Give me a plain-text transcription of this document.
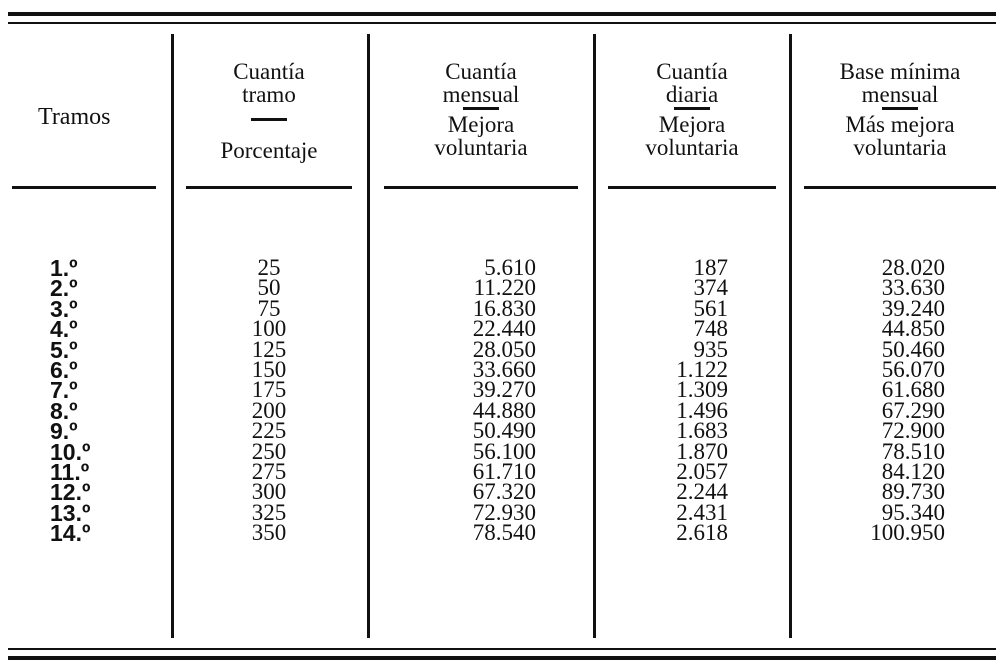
Tramos
Cuantía
tramo
Porcentaje
Cuantía
mensual
Mejora
voluntaria
Cuantía
diaria
Mejora
voluntaria
Base mínima
mensual
Más mejora
voluntaria
1.º
2.º
3.º
4.º
5.º
6.º
7.º
8.º
9.º
10.º
11.º
12.º
13.º
14.º
25
50
75
100
125
150
175
200
225
250
275
300
325
350
5.610
11.220
16.830
22.440
28.050
33.660
39.270
44.880
50.490
56.100
61.710
67.320
72.930
78.540
187
374
561
748
935
1.122
1.309
1.496
1.683
1.870
2.057
2.244
2.431
2.618
28.020
33.630
39.240
44.850
50.460
56.070
61.680
67.290
72.900
78.510
84.120
89.730
95.340
100.950
